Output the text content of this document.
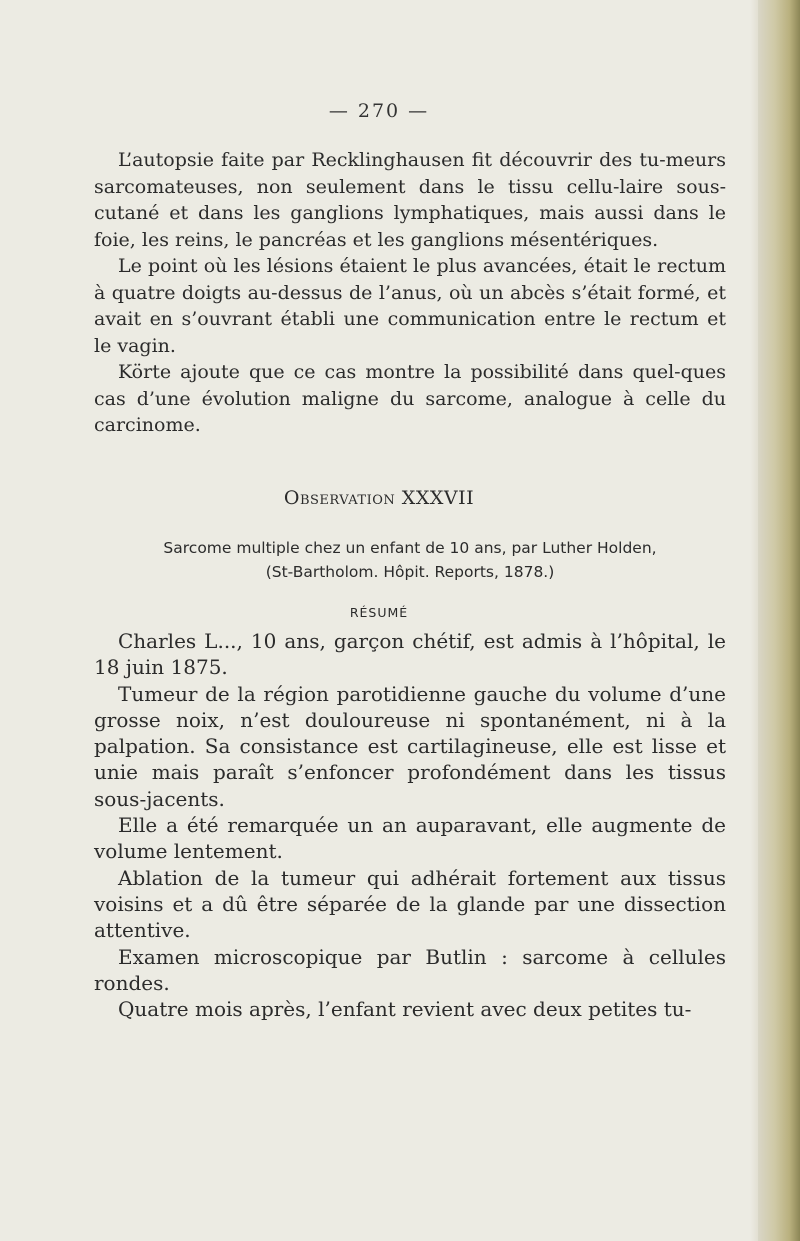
— 270 —

L’autopsie faite par Recklinghausen fit découvrir des tu-meurs sarcomateuses, non seulement dans le tissu cellu-laire sous-cutané et dans les ganglions lymphatiques, mais aussi dans le foie, les reins, le pancréas et les ganglions mésentériques.

Le point où les lésions étaient le plus avancées, était le rectum à quatre doigts au-dessus de l’anus, où un abcès s’était formé, et avait en s’ouvrant établi une communication entre le rectum et le vagin.

Körte ajoute que ce cas montre la possibilité dans quel-ques cas d’une évolution maligne du sarcome, analogue à celle du carcinome.

Observation XXXVII
Sarcome multiple chez un enfant de 10 ans, par Luther Holden,
(St-Bartholom. Hôpit. Reports, 1878.)
RÉSUMÉ

Charles L..., 10 ans, garçon chétif, est admis à l’hôpital, le 18 juin 1875.

Tumeur de la région parotidienne gauche du volume d’une grosse noix, n’est douloureuse ni spontanément, ni à la palpation. Sa consistance est cartilagineuse, elle est lisse et unie mais paraît s’enfoncer profondément dans les tissus sous-jacents.

Elle a été remarquée un an auparavant, elle augmente de volume lentement.

Ablation de la tumeur qui adhérait fortement aux tissus voisins et a dû être séparée de la glande par une dissection attentive.

Examen microscopique par Butlin : sarcome à cellules rondes.

Quatre mois après, l’enfant revient avec deux petites tu-
